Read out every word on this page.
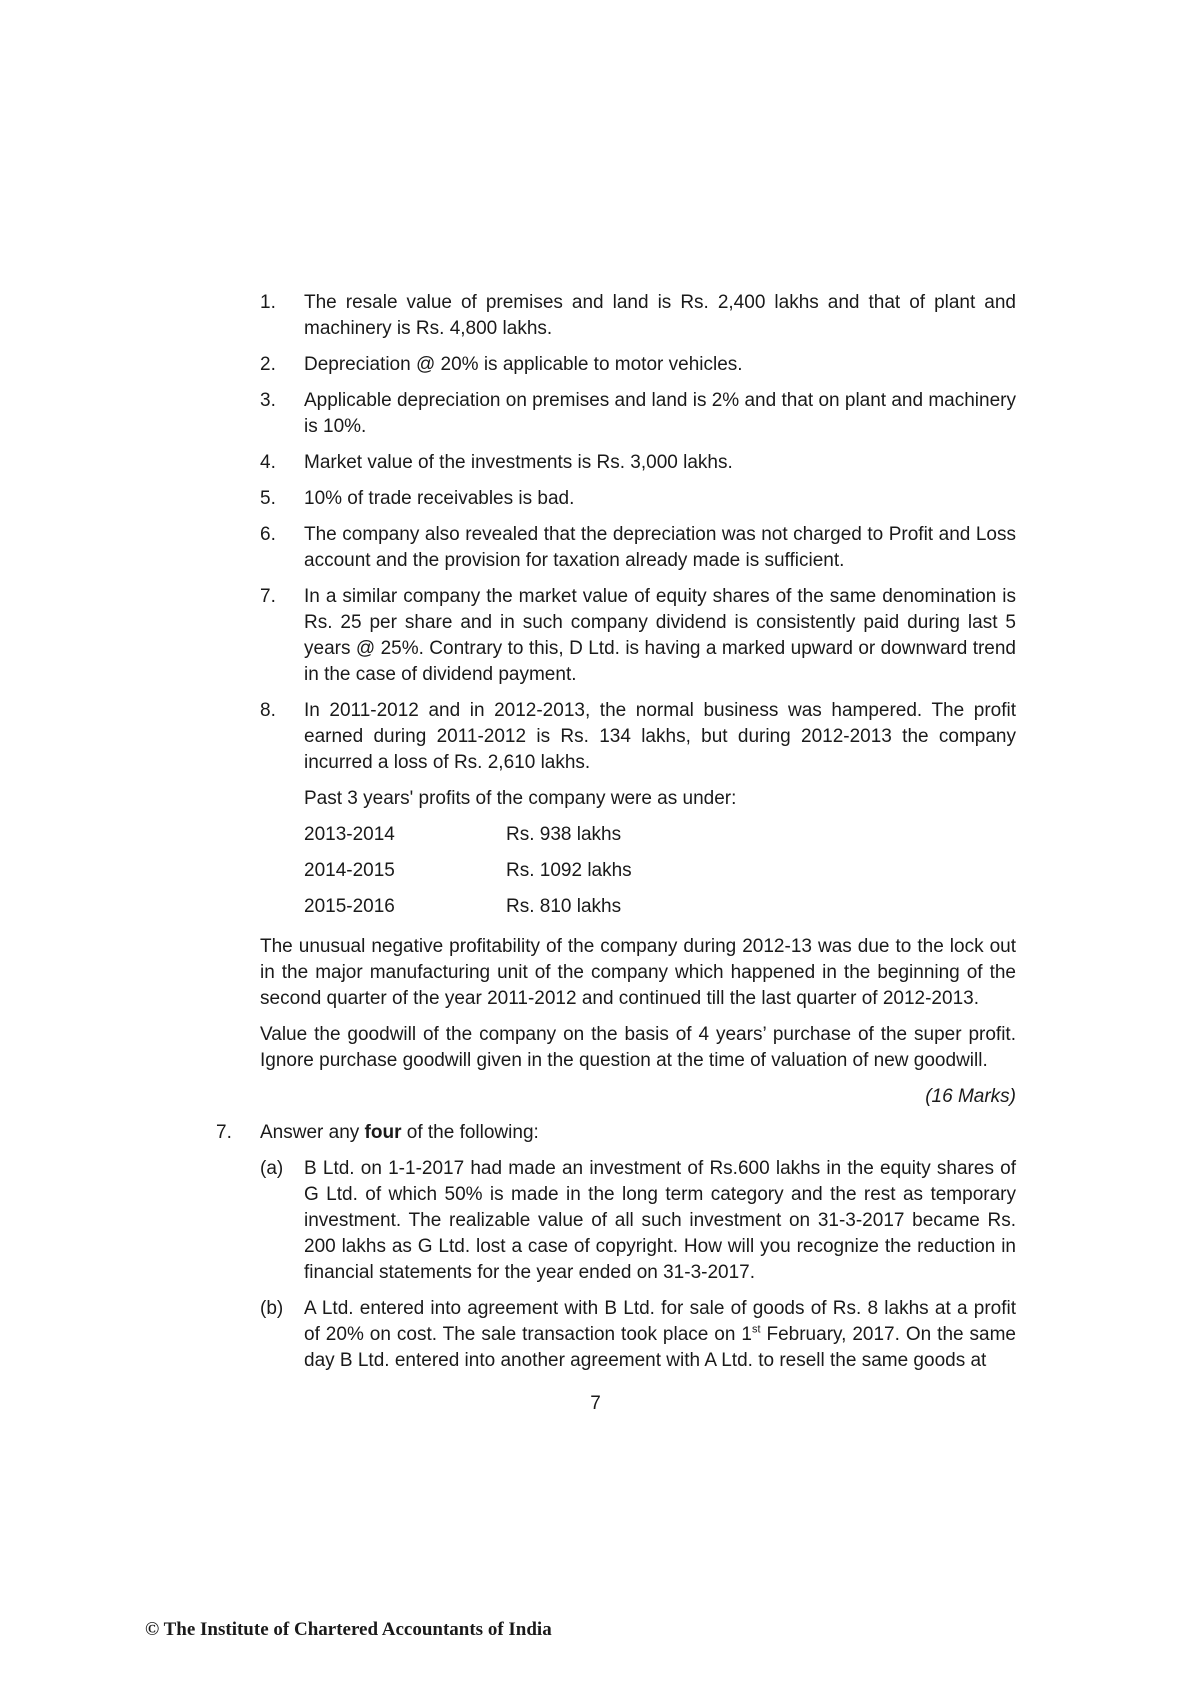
1. The resale value of premises and land is Rs. 2,400 lakhs and that of plant and machinery is Rs. 4,800 lakhs.
2. Depreciation @ 20% is applicable to motor vehicles.
3. Applicable depreciation on premises and land is 2% and that on plant and machinery is 10%.
4. Market value of the investments is Rs. 3,000 lakhs.
5. 10% of trade receivables is bad.
6. The company also revealed that the depreciation was not charged to Profit and Loss account and the provision for taxation already made is sufficient.
7. In a similar company the market value of equity shares of the same denomination is Rs. 25 per share and in such company dividend is consistently paid during last 5 years @ 25%. Contrary to this, D Ltd. is having a marked upward or downward trend in the case of dividend payment.
8. In 2011-2012 and in 2012-2013, the normal business was hampered. The profit earned during 2011-2012 is Rs. 134 lakhs, but during 2012-2013 the company incurred a loss of Rs. 2,610 lakhs.
Past 3 years' profits of the company were as under:
2013-2014	Rs. 938 lakhs
2014-2015	Rs. 1092 lakhs
2015-2016	Rs. 810 lakhs
The unusual negative profitability of the company during 2012-13 was due to the lock out in the major manufacturing unit of the company which happened in the beginning of the second quarter of the year 2011-2012 and continued till the last quarter of 2012-2013.
Value the goodwill of the company on the basis of 4 years’ purchase of the super profit. Ignore purchase goodwill given in the question at the time of valuation of new goodwill.
(16 Marks)
7. Answer any four of the following:
(a) B Ltd. on 1-1-2017 had made an investment of Rs.600 lakhs in the equity shares of G Ltd. of which 50% is made in the long term category and the rest as temporary investment. The realizable value of all such investment on 31-3-2017 became Rs. 200 lakhs as G Ltd. lost a case of copyright. How will you recognize the reduction in financial statements for the year ended on 31-3-2017.
(b) A Ltd. entered into agreement with B Ltd. for sale of goods of Rs. 8 lakhs at a profit of 20% on cost. The sale transaction took place on 1st February, 2017. On the same day B Ltd. entered into another agreement with A Ltd. to resell the same goods at
7
© The Institute of Chartered Accountants of India
